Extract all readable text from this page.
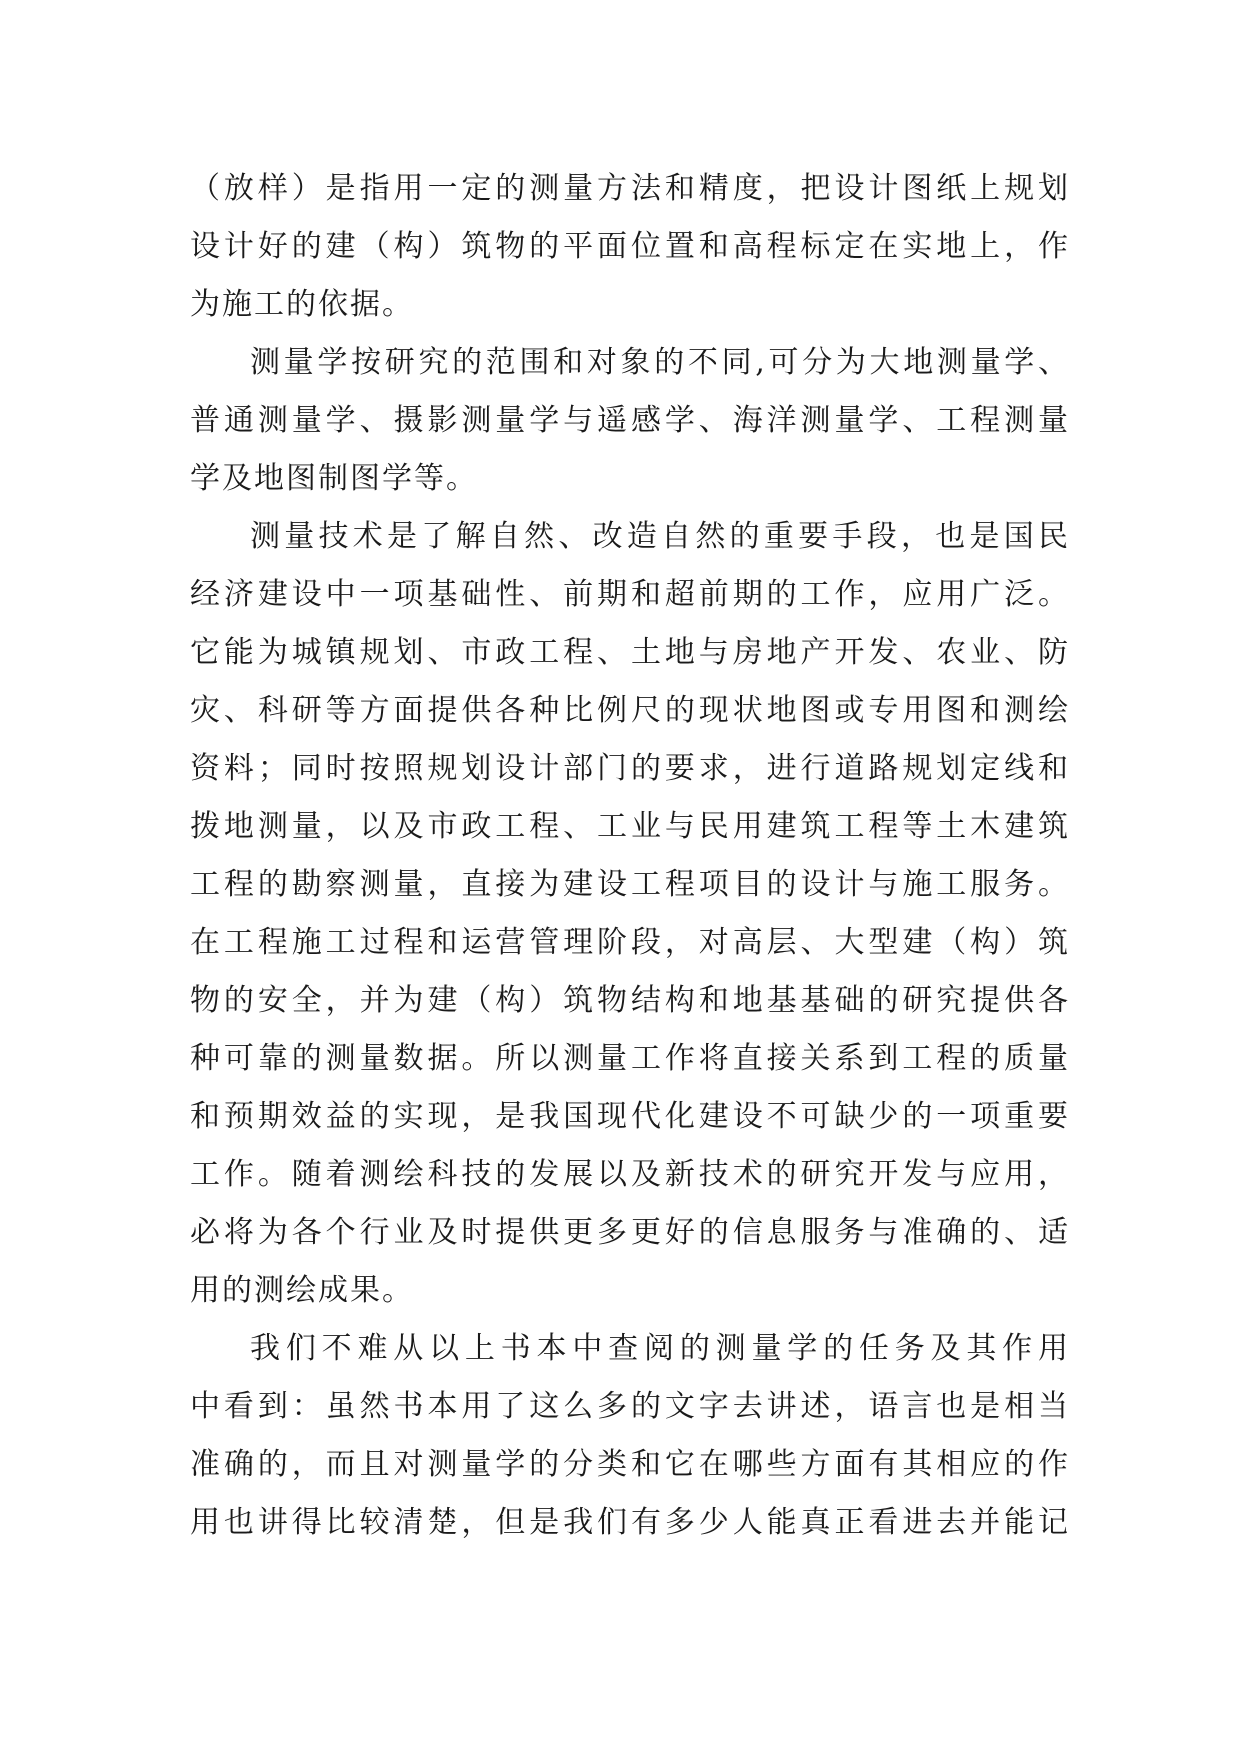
（放样）是指用一定的测量方法和精度，把设计图纸上规划
设计好的建（构）筑物的平面位置和高程标定在实地上，作
为施工的依据。
测量学按研究的范围和对象的不同,可分为大地测量学、
普通测量学、摄影测量学与遥感学、海洋测量学、工程测量
学及地图制图学等。
测量技术是了解自然、改造自然的重要手段，也是国民
经济建设中一项基础性、前期和超前期的工作，应用广泛。
它能为城镇规划、市政工程、土地与房地产开发、农业、防
灾、科研等方面提供各种比例尺的现状地图或专用图和测绘
资料；同时按照规划设计部门的要求，进行道路规划定线和
拨地测量，以及市政工程、工业与民用建筑工程等土木建筑
工程的勘察测量，直接为建设工程项目的设计与施工服务。
在工程施工过程和运营管理阶段，对高层、大型建（构）筑
物的安全，并为建（构）筑物结构和地基基础的研究提供各
种可靠的测量数据。所以测量工作将直接关系到工程的质量
和预期效益的实现，是我国现代化建设不可缺少的一项重要
工作。随着测绘科技的发展以及新技术的研究开发与应用，
必将为各个行业及时提供更多更好的信息服务与准确的、适
用的测绘成果。
我们不难从以上书本中查阅的测量学的任务及其作用
中看到：虽然书本用了这么多的文字去讲述，语言也是相当
准确的，而且对测量学的分类和它在哪些方面有其相应的作
用也讲得比较清楚，但是我们有多少人能真正看进去并能记
